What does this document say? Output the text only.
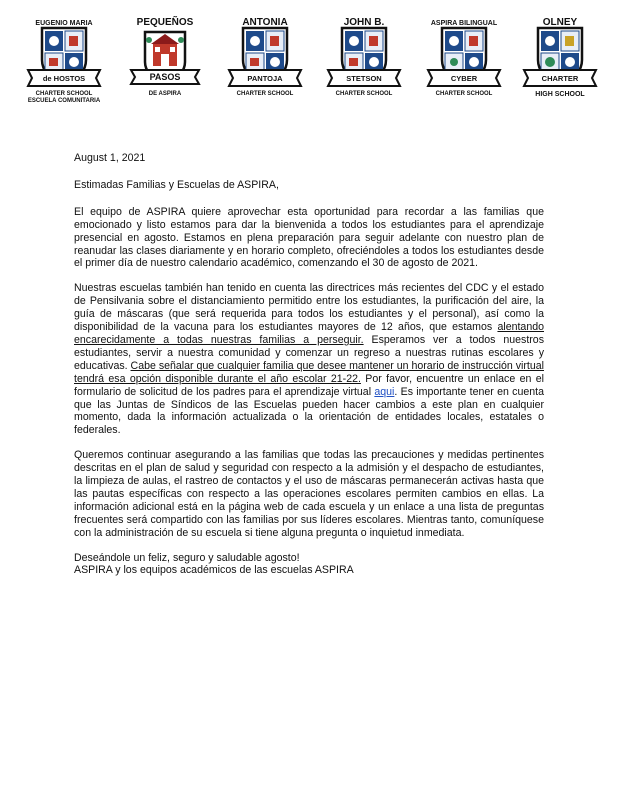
de HOSTOS
EUGENIO MARIA
CHARTER SCHOOL
ESCUELA COMUNITARIA
PASOS
PEQUEÑOS
DE ASPIRA
PANTOJA
ANTONIA
CHARTER SCHOOL
STETSON
JOHN B.
CHARTER SCHOOL
CYBER
ASPIRA BILINGUAL
CHARTER SCHOOL
CHARTER
OLNEY
HIGH SCHOOL

August 1, 2021

Estimadas Familias y Escuelas de ASPIRA,

El equipo de ASPIRA quiere aprovechar esta oportunidad para recordar a las familias que emocionado y listo estamos para dar la bienvenida a todos los estudiantes para el aprendizaje presencial en agosto. Estamos en plena preparación para seguir adelante con nuestro plan de reanudar las clases diariamente y en horario completo, ofreciéndoles a todos los estudiantes desde el primer día de nuestro calendario académico, comenzando el 30 de agosto de 2021.

Nuestras escuelas también han tenido en cuenta las directrices más recientes del CDC y el estado de Pensilvania sobre el distanciamiento permitido entre los estudiantes, la purificación del aire, la guía de máscaras (que será requerida para todos los estudiantes y el personal), así como la disponibilidad de la vacuna para los estudiantes mayores de 12 años, que estamos alentando encarecidamente a todas nuestras familias a perseguir. Esperamos ver a todos nuestros estudiantes, servir a nuestra comunidad y comenzar un regreso a nuestras rutinas escolares y educativas. Cabe señalar que cualquier familia que desee mantener un horario de instrucción virtual tendrá esa opción disponible durante el año escolar 21-22. Por favor, encuentre un enlace en el formulario de solicitud de los padres para el aprendizaje virtual aqui. Es importante tener en cuenta que las Juntas de Síndicos de las Escuelas pueden hacer cambios a este plan en cualquier momento, dada la información actualizada o la orientación de entidades locales, estatales o federales.

Queremos continuar asegurando a las familias que todas las precauciones y medidas pertinentes descritas en el plan de salud y seguridad con respecto a la admisión y el despacho de estudiantes, la limpieza de aulas, el rastreo de contactos y el uso de máscaras permanecerán activas hasta que las pautas específicas con respecto a las operaciones escolares permiten cambios en ellas. La información adicional está en la página web de cada escuela y un enlace a una lista de preguntas frecuentes será compartido con las familias por sus líderes escolares. Mientras tanto, comuníquese con la administración de su escuela si tiene alguna pregunta o inquietud inmediata.

Deseándole un feliz, seguro y saludable agosto!

ASPIRA y los equipos académicos de las escuelas ASPIRA
